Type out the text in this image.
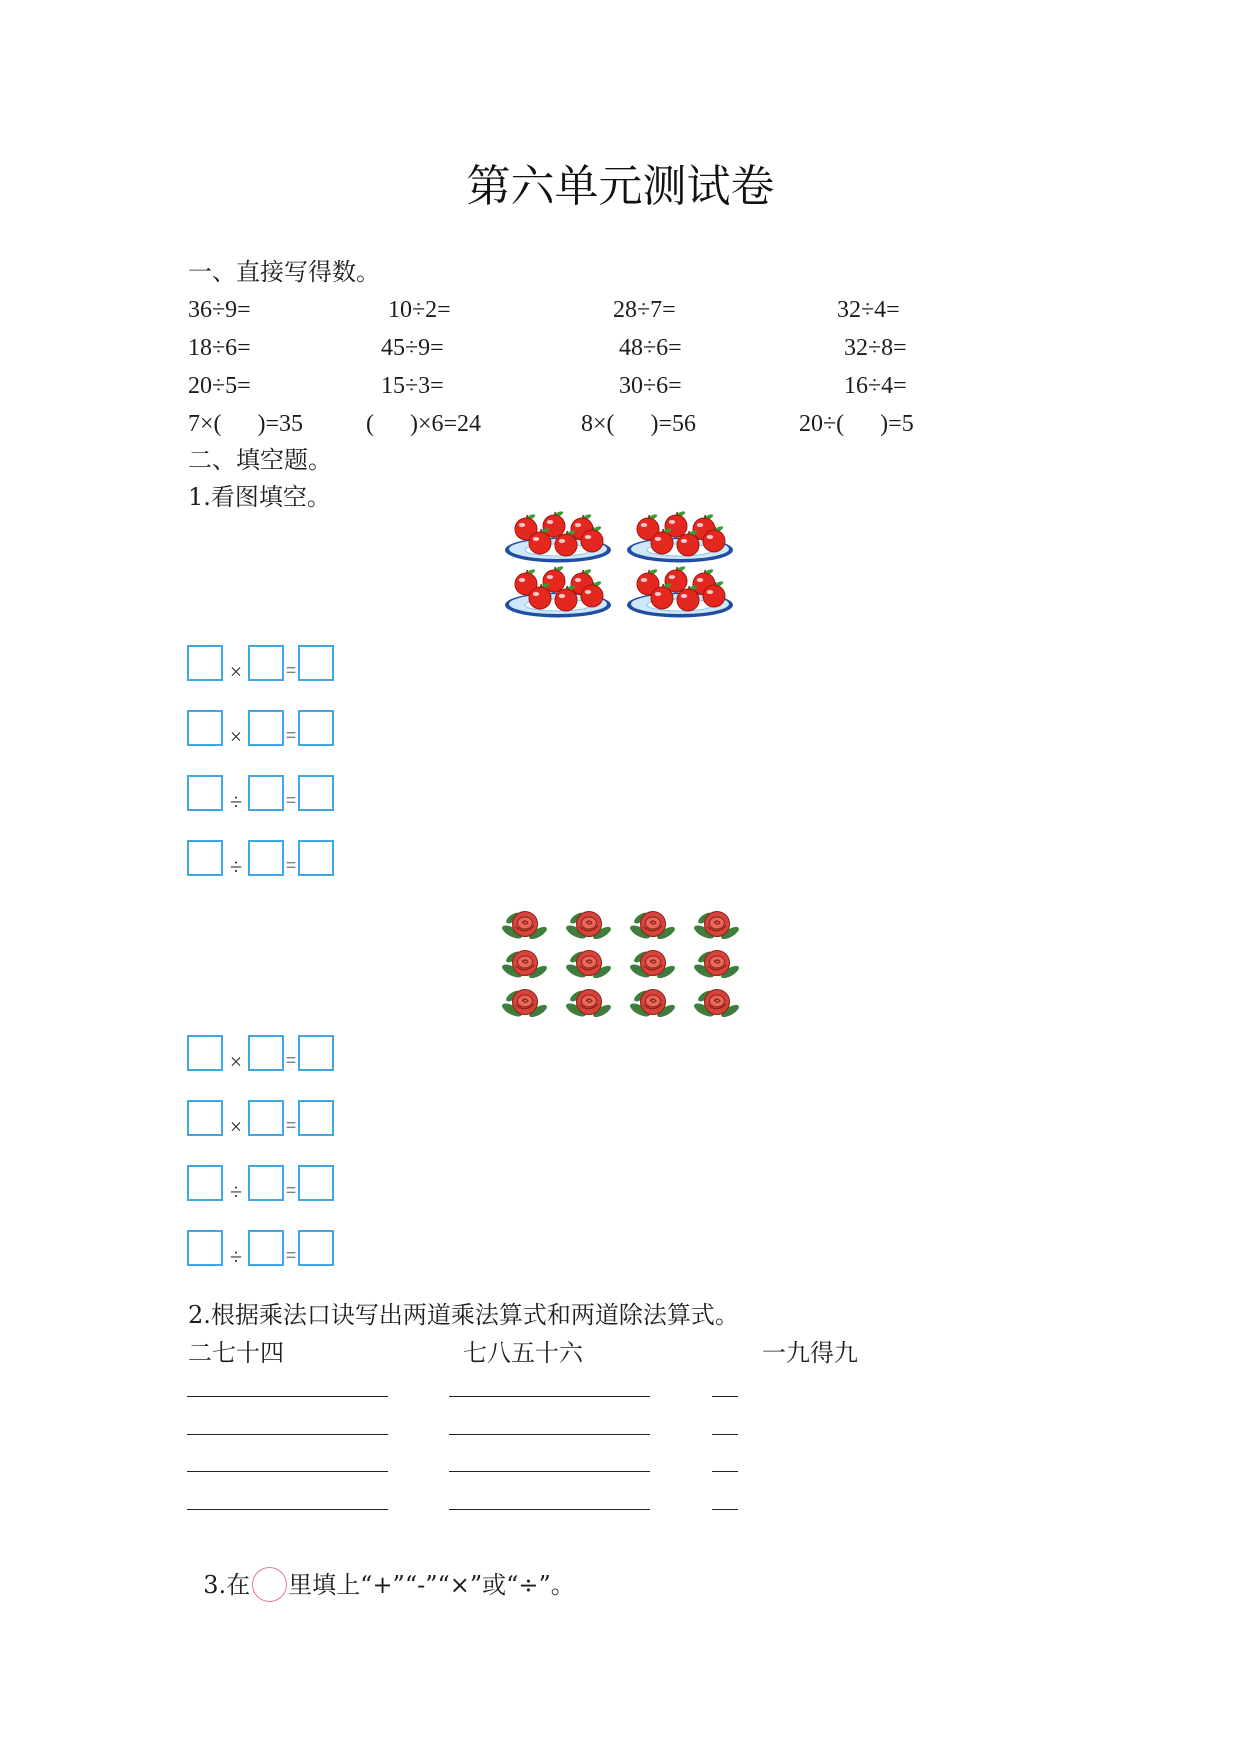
第六单元测试卷
一、直接写得数。
36÷9=	10÷2=	28÷7=	32÷4=
18÷6=	45÷9=	48÷6=	32÷8=
20÷5=	15÷3=	30÷6=	16÷4=
7×(      )=35	(      )×6=24	8×(      )=56	20÷(      )=5
二、填空题。
1.看图填空。
× =
× =
÷ =
÷ =
× =
× =
÷ =
÷ =
2.根据乘法口诀写出两道乘法算式和两道除法算式。
二七十四	七八五十六	一九得九

3.在 里填上“+”“-”“×”或“÷”。
